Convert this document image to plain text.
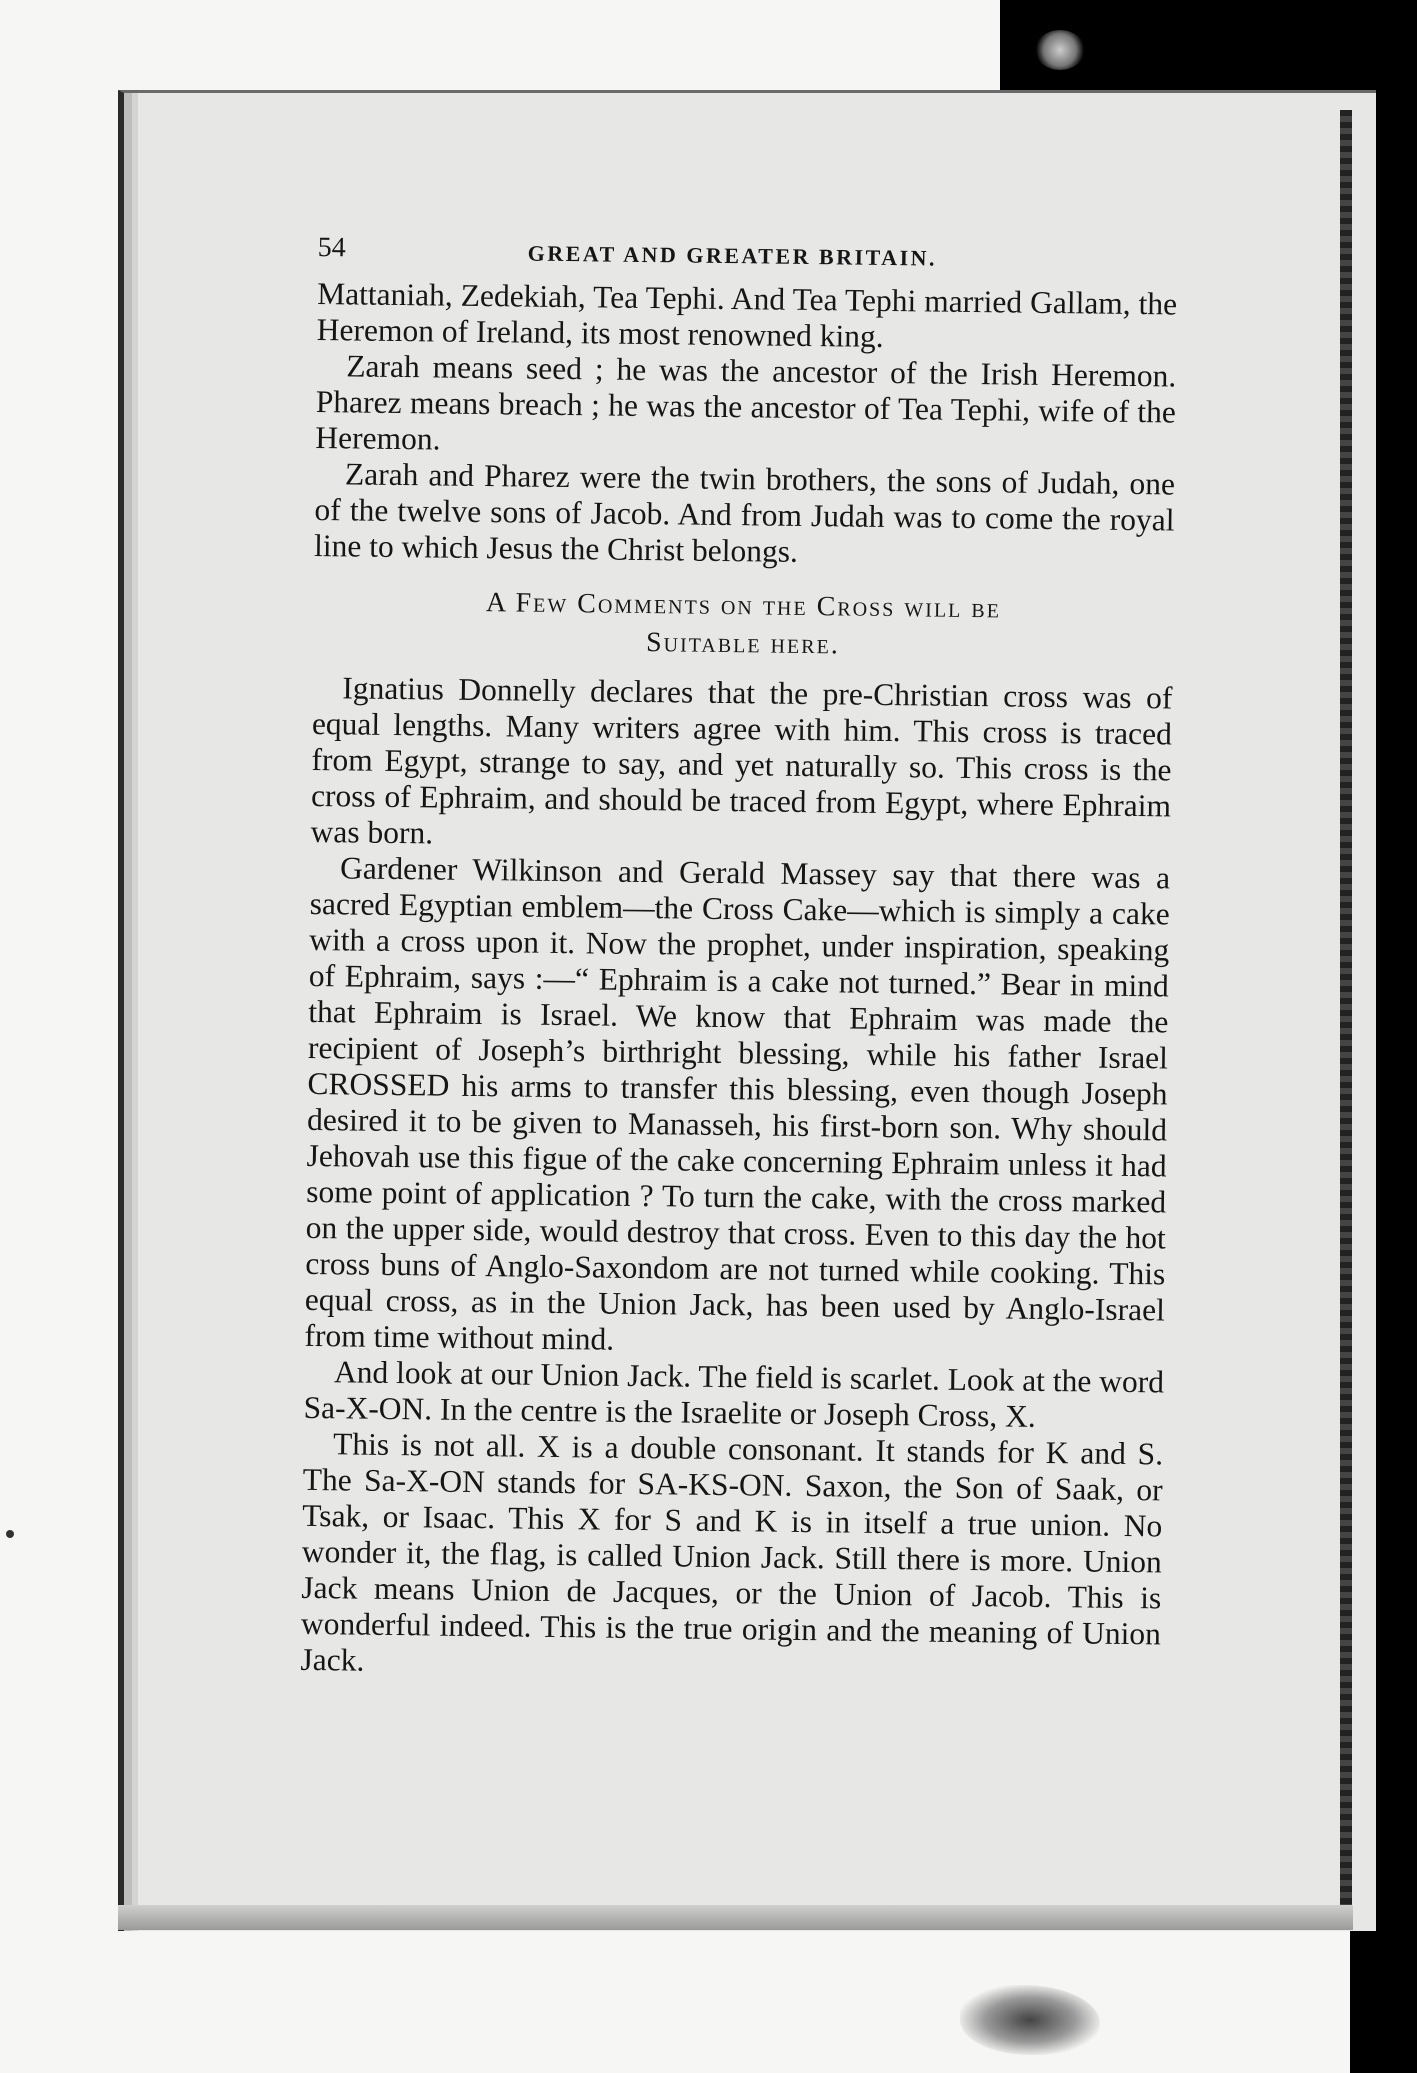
54	GREAT AND GREATER BRITAIN.

Mattaniah, Zedekiah, Tea Tephi. And Tea Tephi married Gallam, the Heremon of Ireland, its most renowned king.

Zarah means seed ; he was the ancestor of the Irish Heremon. Pharez means breach ; he was the ancestor of Tea Tephi, wife of the Heremon.

Zarah and Pharez were the twin brothers, the sons of Judah, one of the twelve sons of Jacob. And from Judah was to come the royal line to which Jesus the Christ belongs.

A Few Comments on the Cross will be
Suitable here.

Ignatius Donnelly declares that the pre-Christian cross was of equal lengths. Many writers agree with him. This cross is traced from Egypt, strange to say, and yet naturally so. This cross is the cross of Ephraim, and should be traced from Egypt, where Ephraim was born.

Gardener Wilkinson and Gerald Massey say that there was a sacred Egyptian emblem—the Cross Cake—which is simply a cake with a cross upon it. Now the prophet, under inspiration, speaking of Ephraim, says :—“ Ephraim is a cake not turned.” Bear in mind that Ephraim is Israel. We know that Ephraim was made the recipient of Joseph’s birthright blessing, while his father Israel CROSSED his arms to transfer this blessing, even though Joseph desired it to be given to Manasseh, his first-born son. Why should Jehovah use this figue of the cake concerning Ephraim unless it had some point of application ? To turn the cake, with the cross marked on the upper side, would destroy that cross. Even to this day the hot cross buns of Anglo-Saxondom are not turned while cooking. This equal cross, as in the Union Jack, has been used by Anglo-Israel from time without mind.

And look at our Union Jack. The field is scarlet. Look at the word Sa-X-ON. In the centre is the Israelite or Joseph Cross, X.

This is not all. X is a double consonant. It stands for K and S. The Sa-X-ON stands for SA-KS-ON. Saxon, the Son of Saak, or Tsak, or Isaac. This X for S and K is in itself a true union. No wonder it, the flag, is called Union Jack. Still there is more. Union Jack means Union de Jacques, or the Union of Jacob. This is wonderful indeed. This is the true origin and the meaning of Union Jack.
